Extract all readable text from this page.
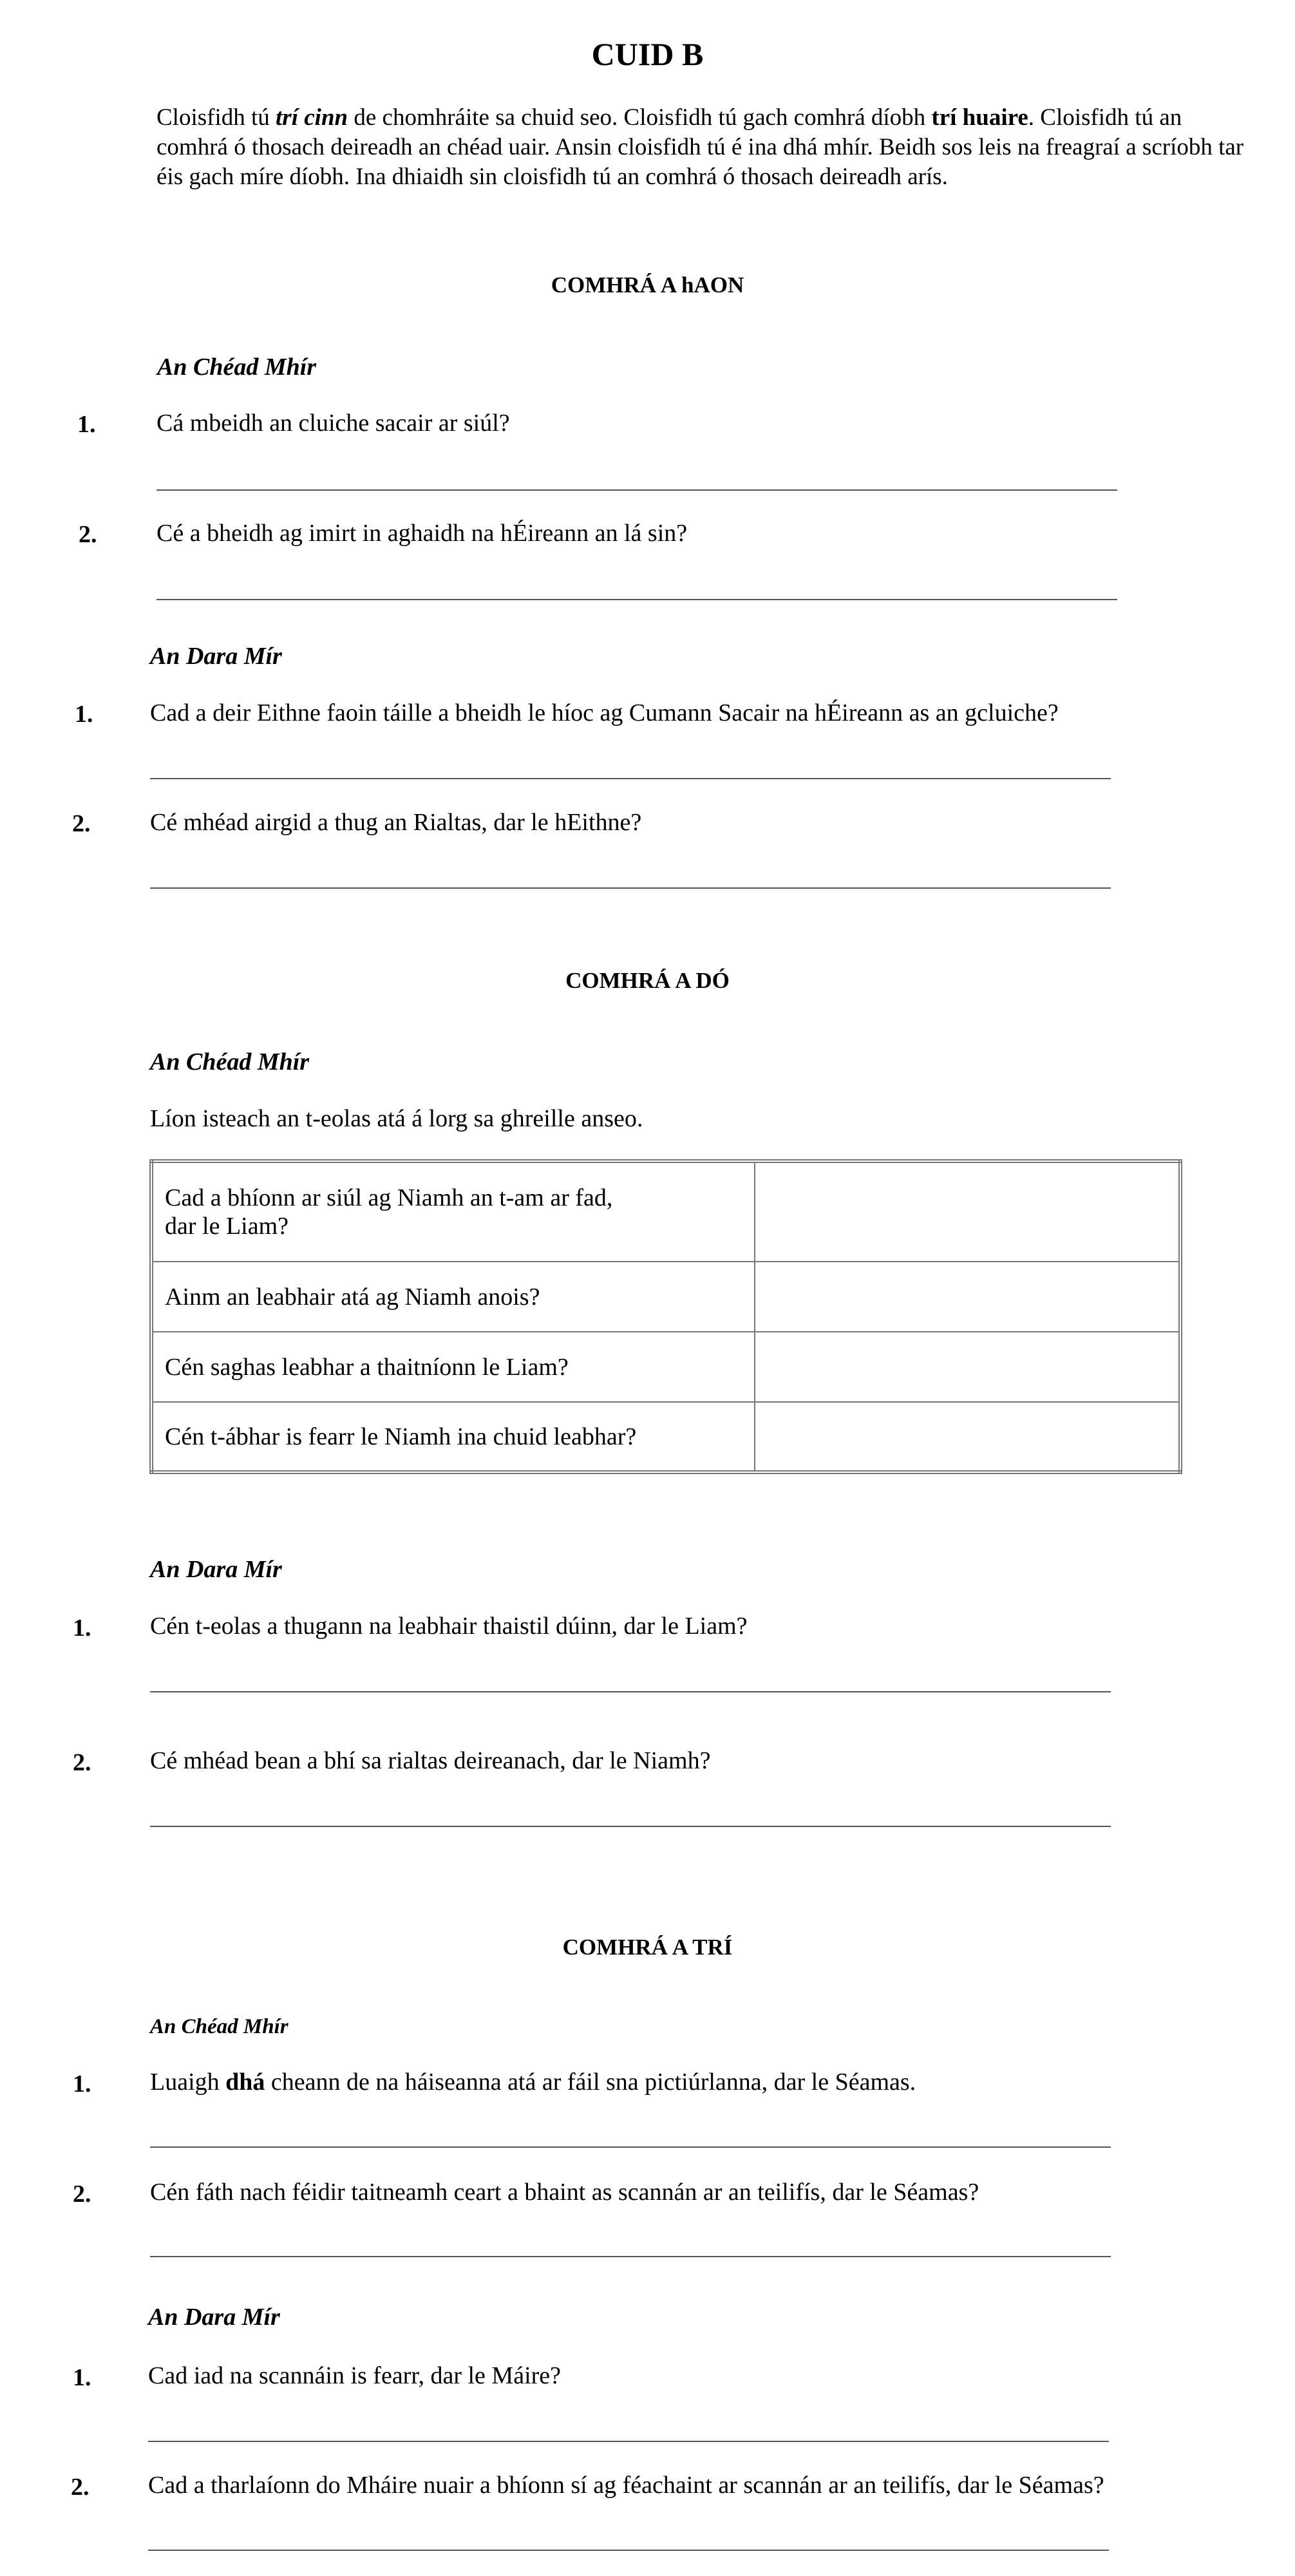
CUID B
Cloisfidh tú trí cinn de chomhráite sa chuid seo. Cloisfidh tú gach comhrá díobh trí huaire. Cloisfidh tú an comhrá ó thosach deireadh an chéad uair. Ansin cloisfidh tú é ina dhá mhír. Beidh sos leis na freagraí a scríobh tar éis gach míre díobh. Ina dhiaidh sin cloisfidh tú an comhrá ó thosach deireadh arís.
COMHRÁ A hAON
An Chéad Mhír
1. Cá mbeidh an cluiche sacair ar siúl?
2. Cé a bheidh ag imirt in aghaidh na hÉireann an lá sin?
An Dara Mír
1. Cad a deir Eithne faoin táille a bheidh le híoc ag Cumann Sacair na hÉireann as an gcluiche?
2. Cé mhéad airgid a thug an Rialtas, dar le hEithne?
COMHRÁ A DÓ
An Chéad Mhír
Líon isteach an t-eolas atá á lorg sa ghreille anseo.
Cad a bhíonn ar siúl ag Niamh an t-am ar fad,
dar le Liam?	
Ainm an leabhair atá ag Niamh anois?	
Cén saghas leabhar a thaitníonn le Liam?	
Cén t-ábhar is fearr le Niamh ina chuid leabhar?	
An Dara Mír
1. Cén t-eolas a thugann na leabhair thaistil dúinn, dar le Liam?
2. Cé mhéad bean a bhí sa rialtas deireanach, dar le Niamh?
COMHRÁ A TRÍ
An Chéad Mhír
1. Luaigh dhá cheann de na háiseanna atá ar fáil sna pictiúrlanna, dar le Séamas.
2. Cén fáth nach féidir taitneamh ceart a bhaint as scannán ar an teilifís, dar le Séamas?
An Dara Mír
1. Cad iad na scannáin is fearr, dar le Máire?
2. Cad a tharlaíonn do Mháire nuair a bhíonn sí ag féachaint ar scannán ar an teilifís, dar le Séamas?
